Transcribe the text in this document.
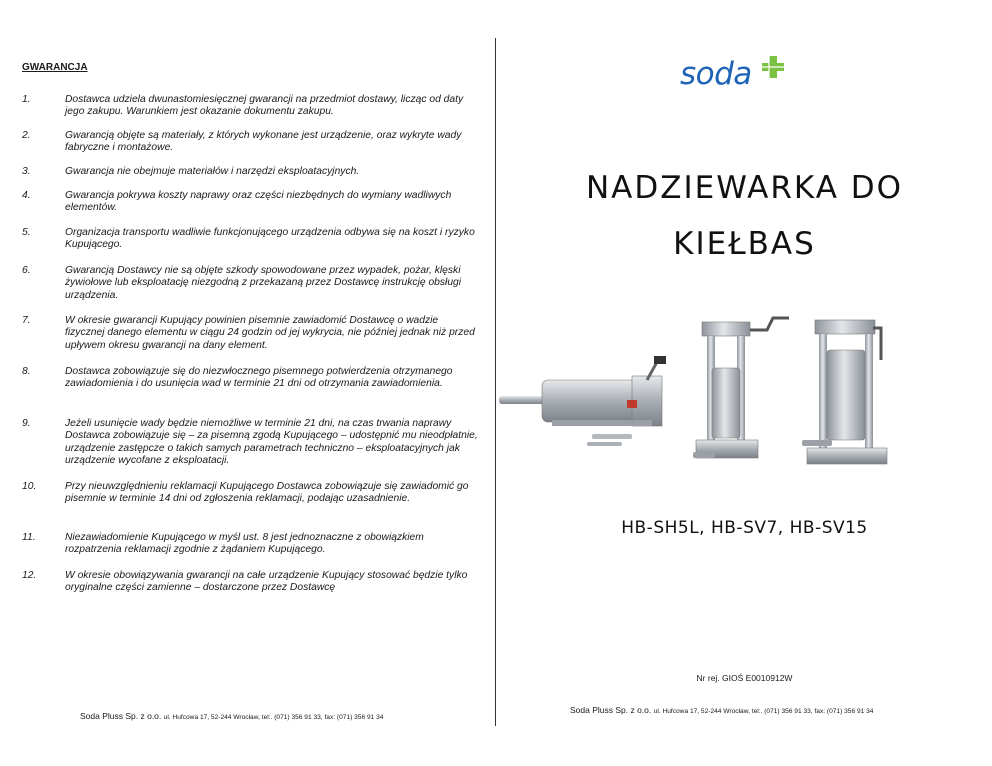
GWARANCJA
1.	Dostawca udziela dwunastomiesięcznej gwarancji na przedmiot dostawy, licząc od daty jego zakupu. Warunkiem jest okazanie dokumentu zakupu.
2.	Gwarancją objęte są materiały, z których wykonane jest urządzenie, oraz wykryte wady fabryczne i montażowe.
3.	Gwarancja nie obejmuje materiałów i narzędzi eksploatacyjnych.
4.	Gwarancja pokrywa koszty naprawy oraz części niezbędnych do wymiany wadliwych elementów.
5.	Organizacja transportu wadliwie funkcjonującego urządzenia odbywa się na koszt i ryzyko Kupującego.
6.	Gwarancją Dostawcy nie są objęte szkody spowodowane przez wypadek, pożar, klęski żywiołowe lub eksploatację niezgodną z przekazaną przez Dostawcę instrukcję obsługi urządzenia.
7.	W okresie gwarancji Kupujący powinien pisemnie zawiadomić Dostawcę o wadzie fizycznej danego elementu w ciągu 24 godzin od jej wykrycia, nie później jednak niż przed upływem okresu gwarancji na dany element.
8.	Dostawca zobowiązuje się do niezwłocznego pisemnego potwierdzenia otrzymanego zawiadomienia i do usunięcia wad w terminie 21 dni od otrzymania zawiadomienia.
9.	Jeżeli usunięcie wady będzie niemożliwe w terminie 21 dni, na czas trwania naprawy Dostawca zobowiązuje się – za pisemną zgodą Kupującego – udostępnić mu nieodpłatnie, urządzenie zastępcze o takich samych parametrach techniczno – eksploatacyjnych jak urządzenie wycofane z eksploatacji.
10.	Przy nieuwzględnieniu reklamacji Kupującego Dostawca zobowiązuje się zawiadomić go pisemnie w terminie 14 dni od zgłoszenia reklamacji, podając uzasadnienie.
11.	Niezawiadomienie Kupującego w myśl ust. 8 jest jednoznaczne z obowiązkiem rozpatrzenia reklamacji zgodnie z żądaniem Kupującego.
12.	W okresie obowiązywania gwarancji na całe urządzenie Kupujący stosować będzie tylko oryginalne części zamienne – dostarczone przez Dostawcę
Soda Pluss Sp. z o.o. ul. Hufcowa 17, 52-244 Wrocław, tel:. (071) 356 91 33, fax: (071) 356 91 34
soda
NADZIEWARKA DO
KIEŁBAS
HB-SH5L, HB-SV7, HB-SV15
Nr rej. GIOŚ E0010912W
Soda Pluss Sp. z o.o. ul. Hufcowa 17, 52-244 Wrocław, tel:. (071) 356 91 33, fax: (071) 356 91 34
